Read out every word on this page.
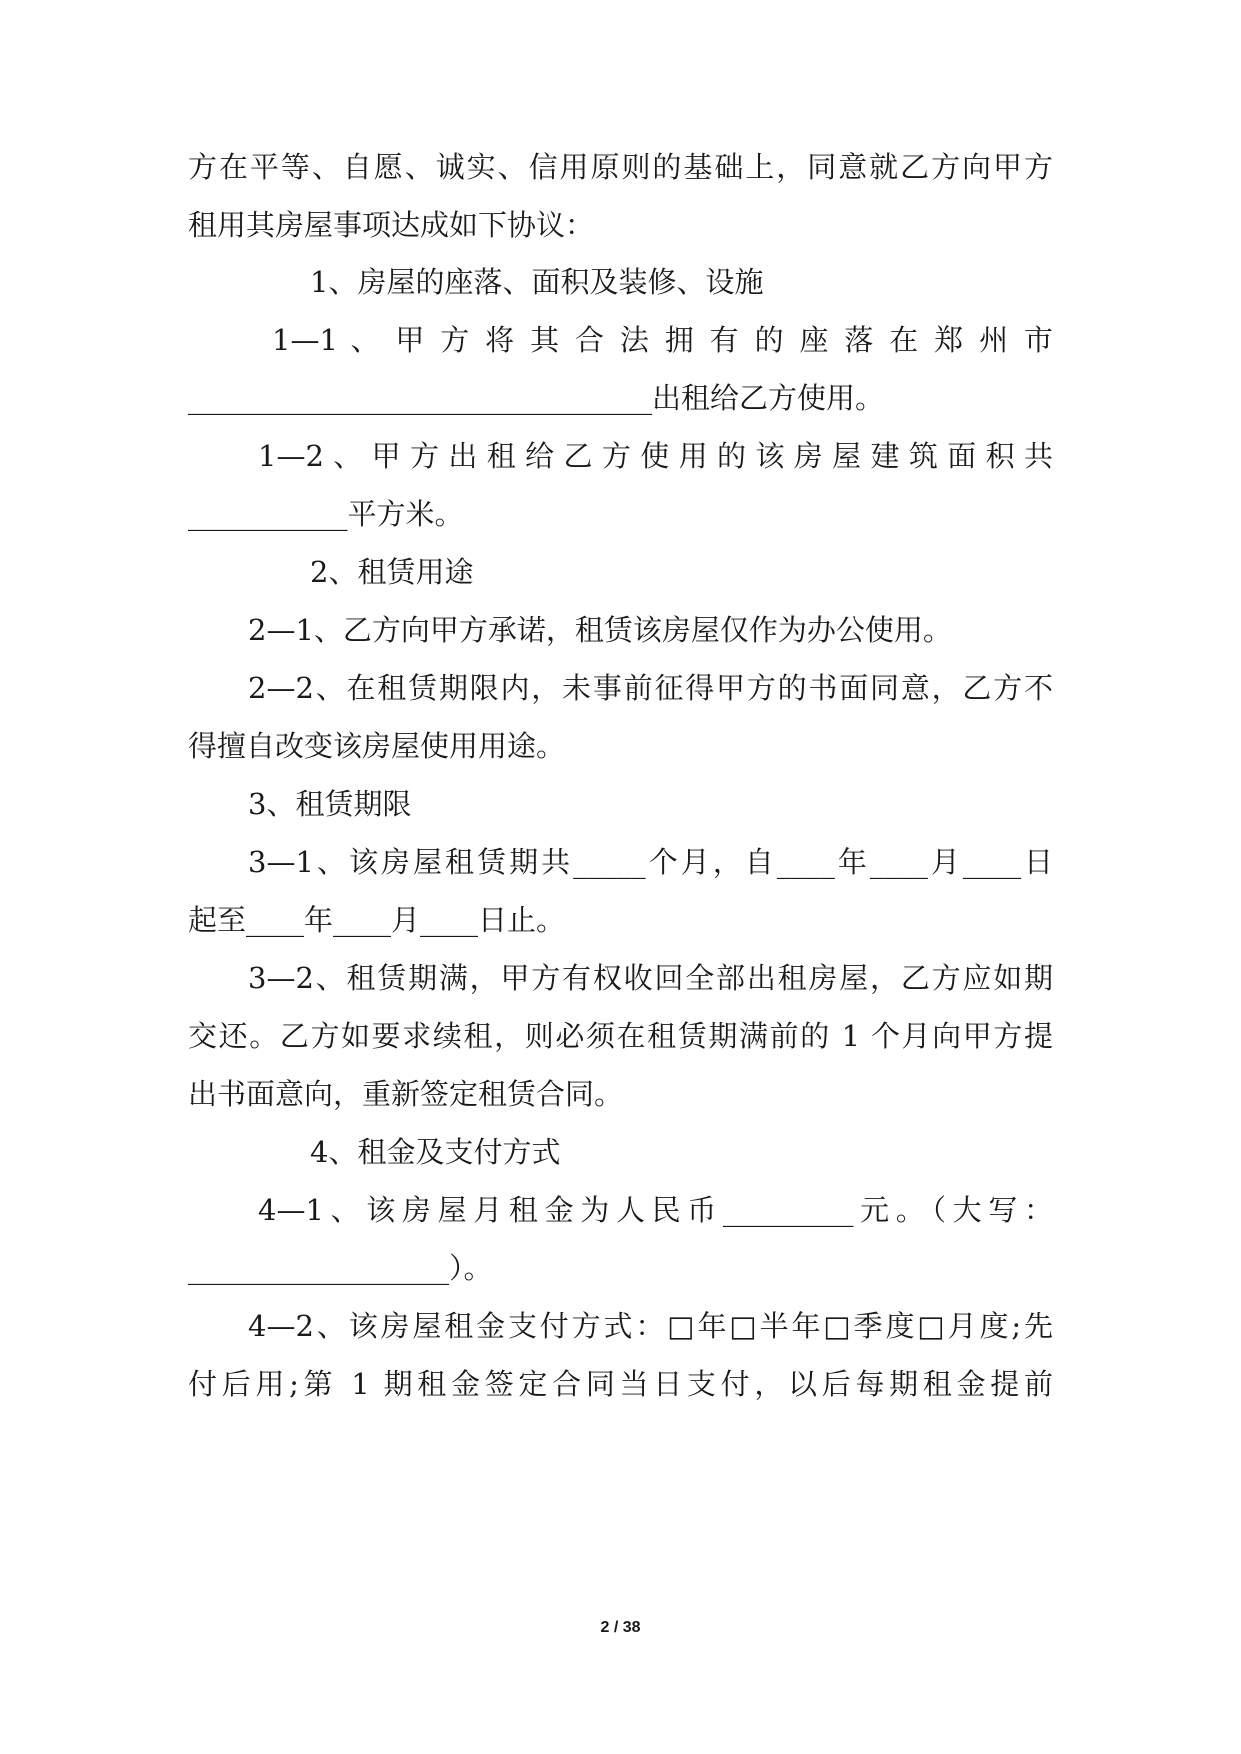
方在平等、自愿、诚实、信用原则的基础上，同意就乙方向甲方
租用其房屋事项达成如下协议：
1、房屋的座落、面积及装修、设施
1—1 、 甲 方 将 其 合 法 拥 有 的 座 落 在 郑 州 市
________________________________出租给乙方使用。
1—2、甲方出租给乙方使用的该房屋建筑面积共
___________平方米。
2、租赁用途
2—1、乙方向甲方承诺，租赁该房屋仅作为办公使用。
2—2、在租赁期限内，未事前征得甲方的书面同意，乙方不
得擅自改变该房屋使用用途。
3、租赁期限
3—1、该房屋租赁期共_____个月，自____年____月____日
起至____年____月____日止。
3—2、租赁期满，甲方有权收回全部出租房屋，乙方应如期
交还。乙方如要求续租，则必须在租赁期满前的 1 个月向甲方提
出书面意向，重新签定租赁合同。
4、租金及支付方式
4—1、该房屋月租金为人民币_________元。（大写：
__________________）。
4—2、该房屋租金支付方式：□年□半年□季度□月度;先
付后用;第 1 期租金签定合同当日支付，以后每期租金提前
2 / 38
